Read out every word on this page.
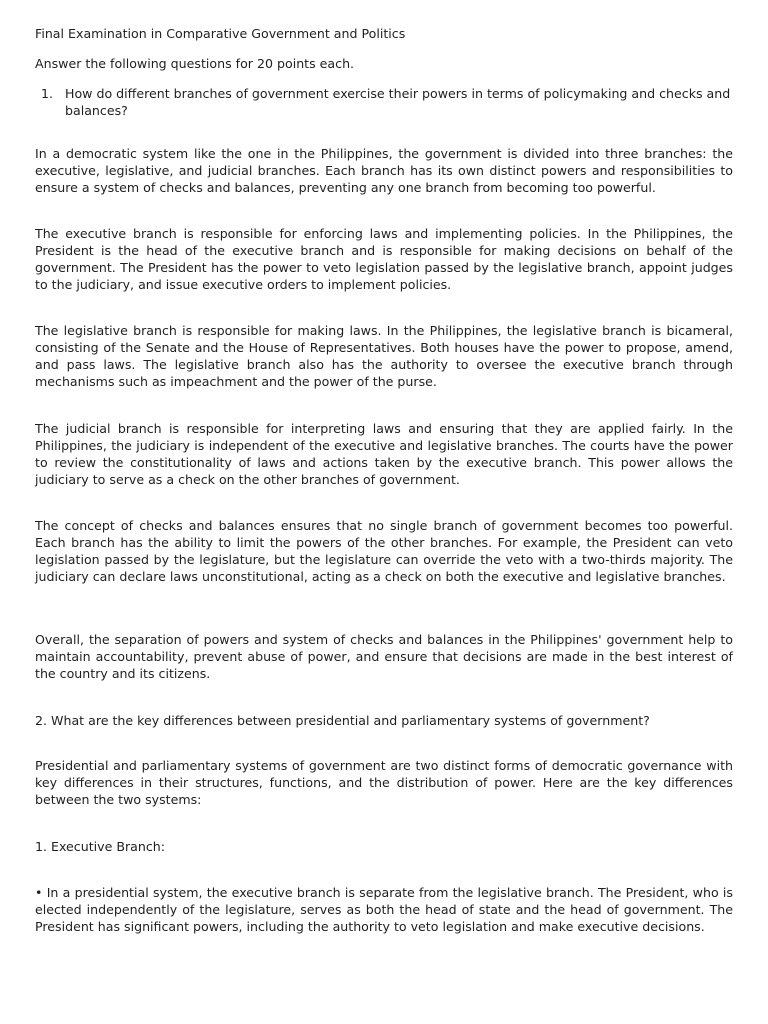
Final Examination in Comparative Government and Politics

Answer the following questions for 20 points each.

1. How do different branches of government exercise their powers in terms of policymaking and checks and balances?

In a democratic system like the one in the Philippines, the government is divided into three branches: the executive, legislative, and judicial branches. Each branch has its own distinct powers and responsibilities to ensure a system of checks and balances, preventing any one branch from becoming too powerful.

The executive branch is responsible for enforcing laws and implementing policies. In the Philippines, the President is the head of the executive branch and is responsible for making decisions on behalf of the government. The President has the power to veto legislation passed by the legislative branch, appoint judges to the judiciary, and issue executive orders to implement policies.

The legislative branch is responsible for making laws. In the Philippines, the legislative branch is bicameral, consisting of the Senate and the House of Representatives. Both houses have the power to propose, amend, and pass laws. The legislative branch also has the authority to oversee the executive branch through mechanisms such as impeachment and the power of the purse.

The judicial branch is responsible for interpreting laws and ensuring that they are applied fairly. In the Philippines, the judiciary is independent of the executive and legislative branches. The courts have the power to review the constitutionality of laws and actions taken by the executive branch. This power allows the judiciary to serve as a check on the other branches of government.

The concept of checks and balances ensures that no single branch of government becomes too powerful. Each branch has the ability to limit the powers of the other branches. For example, the President can veto legislation passed by the legislature, but the legislature can override the veto with a two-thirds majority. The judiciary can declare laws unconstitutional, acting as a check on both the executive and legislative branches.

Overall, the separation of powers and system of checks and balances in the Philippines' government help to maintain accountability, prevent abuse of power, and ensure that decisions are made in the best interest of the country and its citizens.

2. What are the key differences between presidential and parliamentary systems of government?

Presidential and parliamentary systems of government are two distinct forms of democratic governance with key differences in their structures, functions, and the distribution of power. Here are the key differences between the two systems:

1. Executive Branch:

• In a presidential system, the executive branch is separate from the legislative branch. The President, who is elected independently of the legislature, serves as both the head of state and the head of government. The President has significant powers, including the authority to veto legislation and make executive decisions.
